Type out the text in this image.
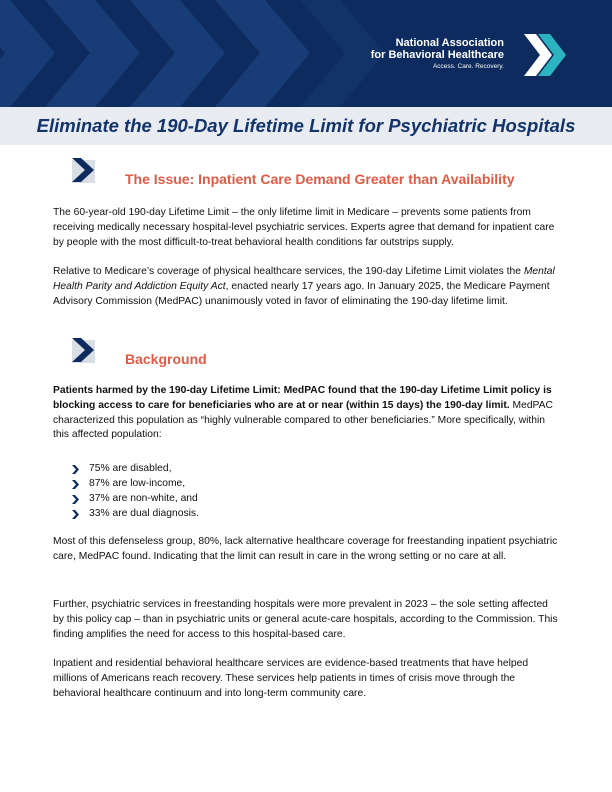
National Association
for Behavioral Healthcare
Access. Care. Recovery.
Eliminate the 190-Day Lifetime Limit for Psychiatric Hospitals
The Issue: Inpatient Care Demand Greater than Availability
The 60-year-old 190-day Lifetime Limit – the only lifetime limit in Medicare – prevents some patients from receiving medically necessary hospital-level psychiatric services. Experts agree that demand for inpatient care by people with the most difficult-to-treat behavioral health conditions far outstrips supply.
Relative to Medicare’s coverage of physical healthcare services, the 190-day Lifetime Limit violates the Mental Health Parity and Addiction Equity Act, enacted nearly 17 years ago. In January 2025, the Medicare Payment Advisory Commission (MedPAC) unanimously voted in favor of eliminating the 190-day lifetime limit.
Background
Patients harmed by the 190-day Lifetime Limit: MedPAC found that the 190-day Lifetime Limit policy is blocking access to care for beneficiaries who are at or near (within 15 days) the 190-day limit. MedPAC characterized this population as “highly vulnerable compared to other beneficiaries.” More specifically, within this affected population:
75% are disabled,
87% are low-income,
37% are non-white, and
33% are dual diagnosis.
Most of this defenseless group, 80%, lack alternative healthcare coverage for freestanding inpatient psychiatric care, MedPAC found. Indicating that the limit can result in care in the wrong setting or no care at all.
Further, psychiatric services in freestanding hospitals were more prevalent in 2023 – the sole setting affected by this policy cap – than in psychiatric units or general acute-care hospitals, according to the Commission. This finding amplifies the need for access to this hospital-based care.
Inpatient and residential behavioral healthcare services are evidence-based treatments that have helped millions of Americans reach recovery. These services help patients in times of crisis move through the behavioral healthcare continuum and into long-term community care.
